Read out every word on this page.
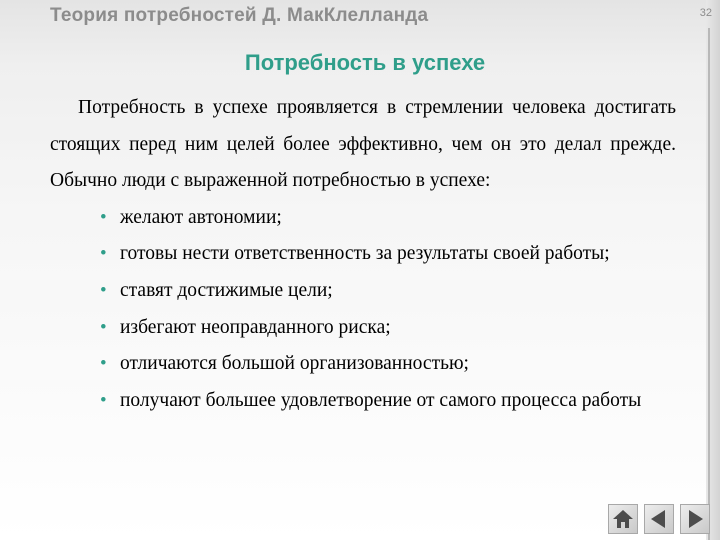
Теория потребностей Д. МакКлелланда	32
Потребность в успехе

Потребность в успехе проявляется в стремлении человека достигать стоящих перед ним целей более эффективно, чем он это делал прежде. Обычно люди с выраженной потребностью в успехе:

• желают автономии;
• готовы нести ответственность за результаты своей работы;
• ставят достижимые цели;
• избегают неоправданного риска;
• отличаются большой организованностью;
• получают большее удовлетворение от самого процесса работы
